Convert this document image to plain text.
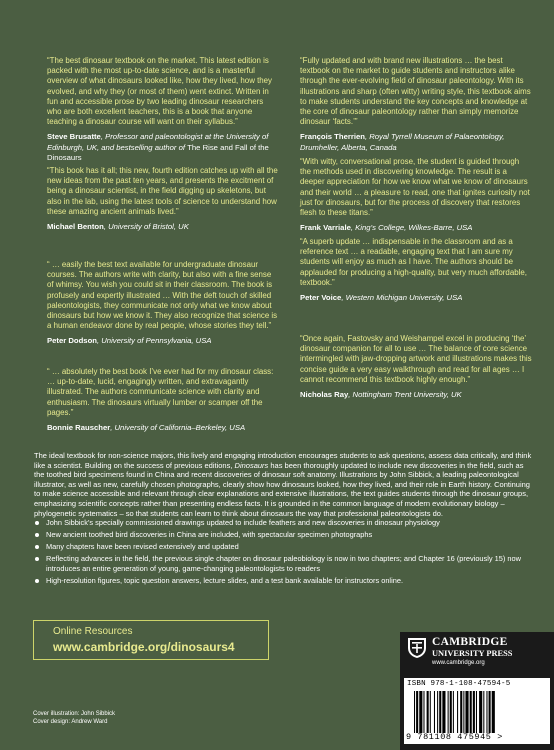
“The best dinosaur textbook on the market. This latest edition is packed with the most up-to-date science, and is a masterful overview of what dinosaurs looked like, how they lived, how they evolved, and why they (or most of them) went extinct. Written in fun and accessible prose by two leading dinosaur researchers who are both excellent teachers, this is a book that anyone teaching a dinosaur course will want on their syllabus.”
Steve Brusatte, Professor and paleontologist at the University of Edinburgh, UK, and bestselling author of The Rise and Fall of the Dinosaurs
“This book has it all; this new, fourth edition catches up with all the new ideas from the past ten years, and presents the excitment of being a dinosaur scientist, in the field digging up skeletons, but also in the lab, using the latest tools of science to understand how these amazing ancient animals lived.”
Michael Benton, University of Bristol, UK
“ … easily the best text available for undergraduate dinosaur courses. The authors write with clarity, but also with a fine sense of whimsy. You wish you could sit in their classroom. The book is profusely and expertly illustrated … With the deft touch of skilled paleontologists, they communicate not only what we know about dinosaurs but how we know it. They also recognize that science is a human endeavor done by real people, whose stories they tell.”
Peter Dodson, University of Pennsylvania, USA
“ … absolutely the best book I’ve ever had for my dinosaur class: … up-to-date, lucid, engagingly written, and extravagantly illustrated. The authors communicate science with clarity and enthusiasm. The dinosaurs virtually lumber or scamper off the pages.”
Bonnie Rauscher, University of California–Berkeley, USA
“Fully updated and with brand new illustrations … the best textbook on the market to guide students and instructors alike through the ever-evolving field of dinosaur paleontology. With its illustrations and sharp (often witty) writing style, this textbook aims to make students understand the key concepts and knowledge at the core of dinosaur paleontology rather than simply memorize dinosaur ‘facts.’”
François Therrien, Royal Tyrrell Museum of Palaeontology, Drumheller, Alberta, Canada
“With witty, conversational prose, the student is guided through the methods used in discovering knowledge. The result is a deeper appreciation for how we know what we know of dinosaurs and their world … a pleasure to read, one that ignites curiosity not just for dinosaurs, but for the process of discovery that restores flesh to these titans.”
Frank Varriale, King’s College, Wilkes-Barre, USA
“A superb update … indispensable in the classroom and as a reference text … a readable, engaging text that I am sure my students will enjoy as much as I have. The authors should be applauded for producing a high-quality, but very much affordable, textbook.”
Peter Voice, Western Michigan University, USA
“Once again, Fastovsky and Weishampel excel in producing ‘the’ dinosaur companion for all to use … The balance of core science intermingled with jaw-dropping artwork and illustrations makes this concise guide a very easy walkthrough and read for all ages … I cannot recommend this textbook highly enough.”
Nicholas Ray, Nottingham Trent University, UK
The ideal textbook for non-science majors, this lively and engaging introduction encourages students to ask questions, assess data critically, and think like a scientist. Building on the success of previous editions, Dinosaurs has been thoroughly updated to include new discoveries in the field, such as the toothed bird specimens found in China and recent discoveries of dinosaur soft anatomy. Illustrations by John Sibbick, a leading paleontological illustrator, as well as new, carefully chosen photographs, clearly show how dinosaurs looked, how they lived, and their role in Earth history. Continuing to make science accessible and relevant through clear explanations and extensive illustrations, the text guides students through the dinosaur groups, emphasizing scientific concepts rather than presenting endless facts. It is grounded in the common language of modern evolutionary biology – phylogenetic systematics – so that students can learn to think about dinosaurs the way that professional paleontologists do.
John Sibbick’s specially commissioned drawings updated to include feathers and new discoveries in dinosaur physiology
New ancient toothed bird discoveries in China are included, with spectacular specimen photographs
Many chapters have been revised extensively and updated
Reflecting advances in the field, the previous single chapter on dinosaur paleobiology is now in two chapters; and Chapter 16 (previously 15) now introduces an entire generation of young, game-changing paleontologists to readers
High-resolution figures, topic question answers, lecture slides, and a test bank available for instructors online.
Online Resources
www.cambridge.org/dinosaurs4
Cover illustration: John Sibbick
Cover design: Andrew Ward
CAMBRIDGE
UNIVERSITY PRESS
www.cambridge.org
ISBN 978-1-108-47594-5
9 781108 475945 >
